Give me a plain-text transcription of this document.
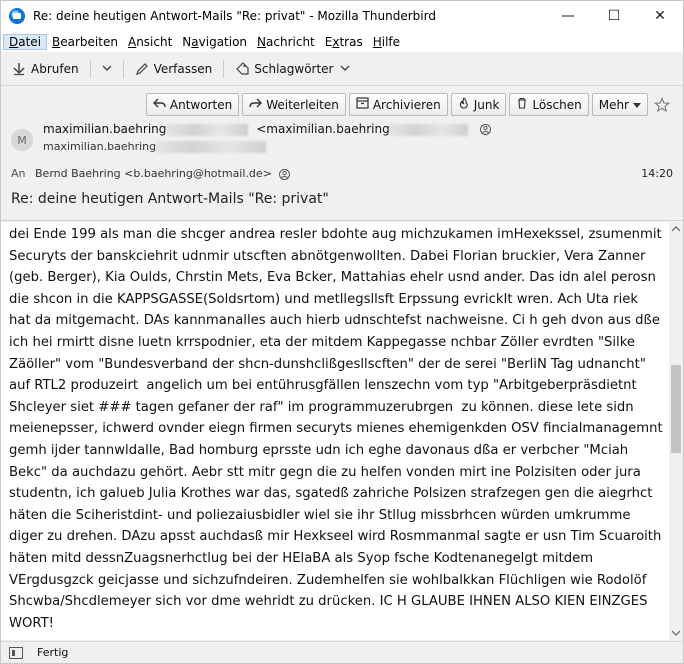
Re: deine heutigen Antwort-Mails "Re: privat" - Mozilla Thunderbird	—	☐	✕
Datei Bearbeiten Ansicht Navigation Nachricht Extras Hilfe
Abrufen	Verfassen	Schlagwörter
Antworten	Weiterleiten	Archivieren	Junk	Löschen Mehr
M
maximilian.baehring	<maximilian.baehring
maximilian.baehring
An Bernd Baehring <b.baehring@hotmail.de>	14:20
Re: deine heutigen Antwort-Mails "Re: privat"
dei Ende 199 als man die shcger andrea resler bdohte aug michzukamen imHexekssel, zsumenmit Securyts der banskciehrit udnmir utscften abnötgenwollten. Dabei Florian bruckier, Vera Zanner (geb. Berger), Kia Oulds, Chrstin Mets, Eva Bcker, Mattahias ehelr usnd ander. Das idn alel perosn die shcon in die KAPPSGASSE(Soldsrtom) und metllegsllsft Erpssung evrickIt wren. Ach Uta riek hat da mitgemacht. DAs kannmanalles auch hierb udnschtefst nachweisne. Ci h geh dvon aus dße ich hei rmirtt disne luetn krrspodnier, eta der mitdem Kappegasse nchbar Zöller evrdten "Silke Zäöller" vom "Bundesverband der shcn-dunshclißgesllscften" der de serei "BerliN Tag udnancht" auf RTL2 produzeirt  angelich um bei entührusgfällen lenszechn vom typ "Arbitgeberpräsdietnt Shcleyer siet ### tagen gefaner der raf" im programmuzerubrgen  zu können. diese lete sidn meienepsser, ichwerd ovnder eiegn firmen securyts mienes ehemigenkden OSV fincialmanagemnt gemh ijder tannwldalle, Bad homburg eprsste udn ich eghe davonaus dßa er verbcher "Mciah Bekc" da auchdazu gehört. Aebr stt mitr gegn die zu helfen vonden mirt ine Polzisiten oder jura studentn, ich galueb Julia Krothes war das, sgatedß zahriche Polsizen strafzegen gen die aiegrhct häten die Sciheristdint- und poliezaiusbidler wiel sie ihr Stllug missbrhcen würden umkrumme diger zu drehen. DAzu apsst auchdasß mir Hexkseel wird Rosmmanmal sagte er usn Tim Scuaroith häten mitd dessnZuagsnerhctlug bei der HElaBA als Syop fsche Kodtenanegelgt mitdem VErgdusgzck geicjasse und sichzufndeiren. Zudemhelfen sie wohlbalkkan Flüchligen wie Rodolöf Shcwba/Shcdlemeyer sich vor dme wehridt zu drücken. IC H GLAUBE IHNEN ALSO KIEN EINZGES WORT!
Fertig
